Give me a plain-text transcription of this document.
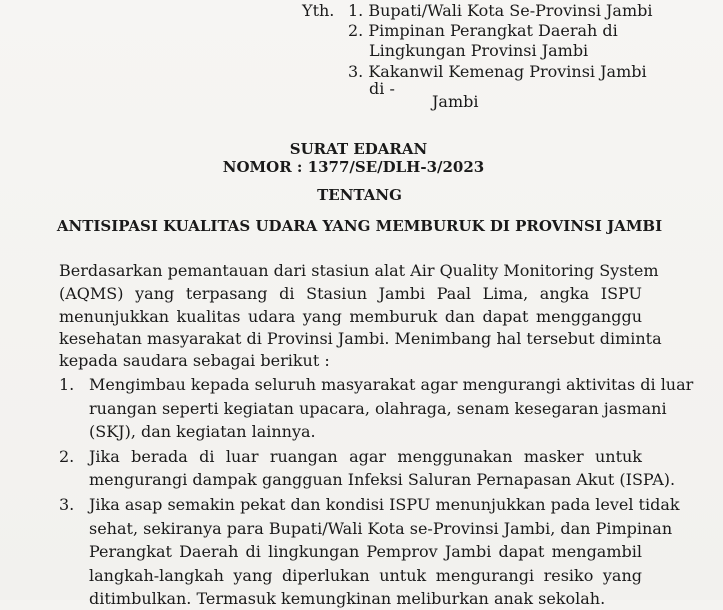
Yth. 1. Bupati/Wali Kota Se-Provinsi Jambi
2. Pimpinan Perangkat Daerah di
Lingkungan Provinsi Jambi
3. Kakanwil Kemenag Provinsi Jambi
di -
Jambi
SURAT EDARAN
NOMOR : 1377/SE/DLH-3/2023
TENTANG
ANTISIPASI KUALITAS UDARA YANG MEMBURUK DI PROVINSI JAMBI
Berdasarkan pemantauan dari stasiun alat Air Quality Monitoring System
(AQMS) yang terpasang di Stasiun Jambi Paal Lima, angka ISPU
menunjukkan kualitas udara yang memburuk dan dapat mengganggu
kesehatan masyarakat di Provinsi Jambi. Menimbang hal tersebut diminta
kepada saudara sebagai berikut :
1. Mengimbau kepada seluruh masyarakat agar mengurangi aktivitas di luar
ruangan seperti kegiatan upacara, olahraga, senam kesegaran jasmani
(SKJ), dan kegiatan lainnya.
2. Jika berada di luar ruangan agar menggunakan masker untuk
mengurangi dampak gangguan Infeksi Saluran Pernapasan Akut (ISPA).
3. Jika asap semakin pekat dan kondisi ISPU menunjukkan pada level tidak
sehat, sekiranya para Bupati/Wali Kota se-Provinsi Jambi, dan Pimpinan
Perangkat Daerah di lingkungan Pemprov Jambi dapat mengambil
langkah-langkah yang diperlukan untuk mengurangi resiko yang
ditimbulkan. Termasuk kemungkinan meliburkan anak sekolah.
